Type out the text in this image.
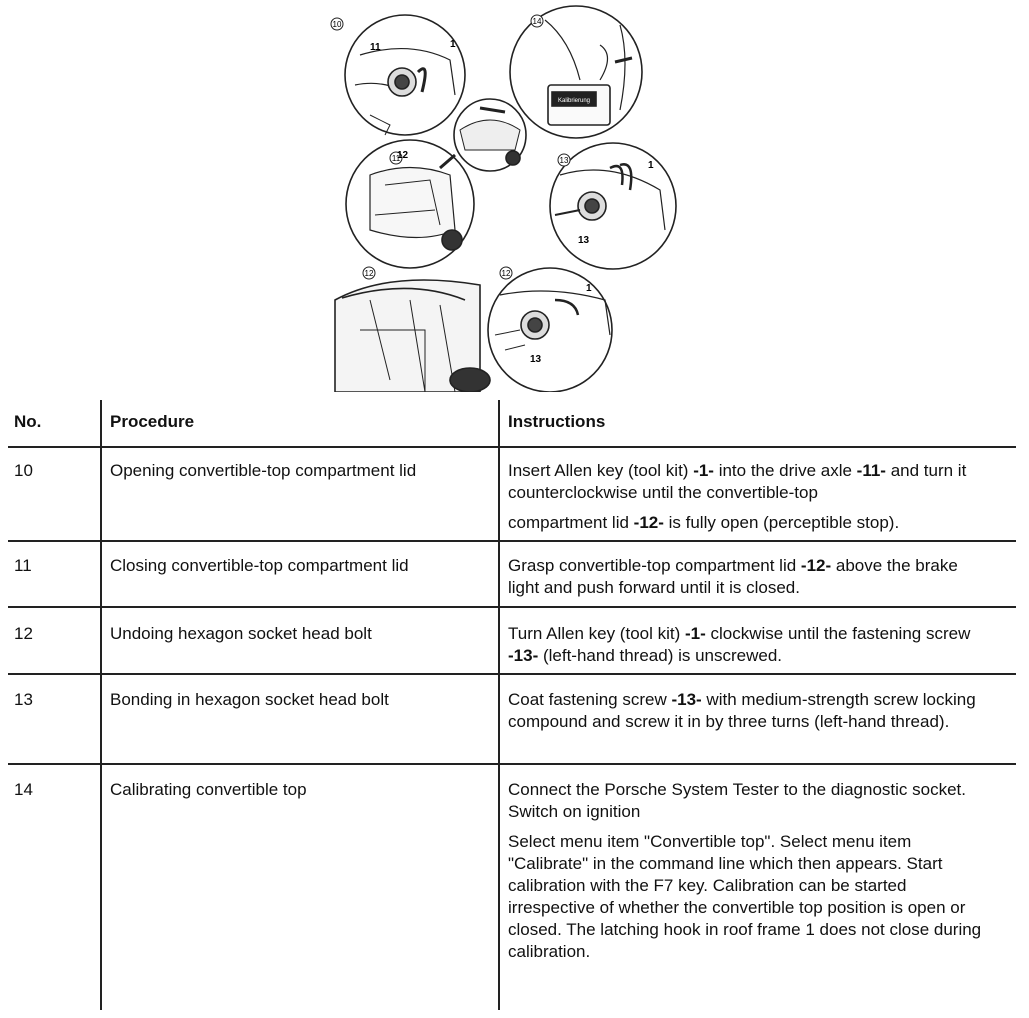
10
11
12
13
12
14
11	1
12
1
13
1
13
Kalibrierung
No.	Procedure	Instructions
10	Opening convertible-top compartment lid	Insert Allen key (tool kit) -1- into the drive axle -11- and turn it counterclockwise until the convertible-top

compartment lid -12- is fully open (perceptible stop).
11	Closing convertible-top compartment lid	Grasp convertible-top compartment lid -12- above the brake light and push forward until it is closed.
12	Undoing hexagon socket head bolt	Turn Allen key (tool kit) -1- clockwise until the fastening screw -13- (left-hand thread) is unscrewed.
13	Bonding in hexagon socket head bolt	Coat fastening screw -13- with medium-strength screw locking compound and screw it in by three turns (left-hand thread).
14	Calibrating convertible top	Connect the Porsche System Tester to the diagnostic socket.
Switch on ignition

Select menu item "Convertible top". Select menu item "Calibrate" in the command line which then appears. Start calibration with the F7 key. Calibration can be started irrespective of whether the convertible top position is open or closed. The latching hook in roof frame 1 does not close during calibration.
